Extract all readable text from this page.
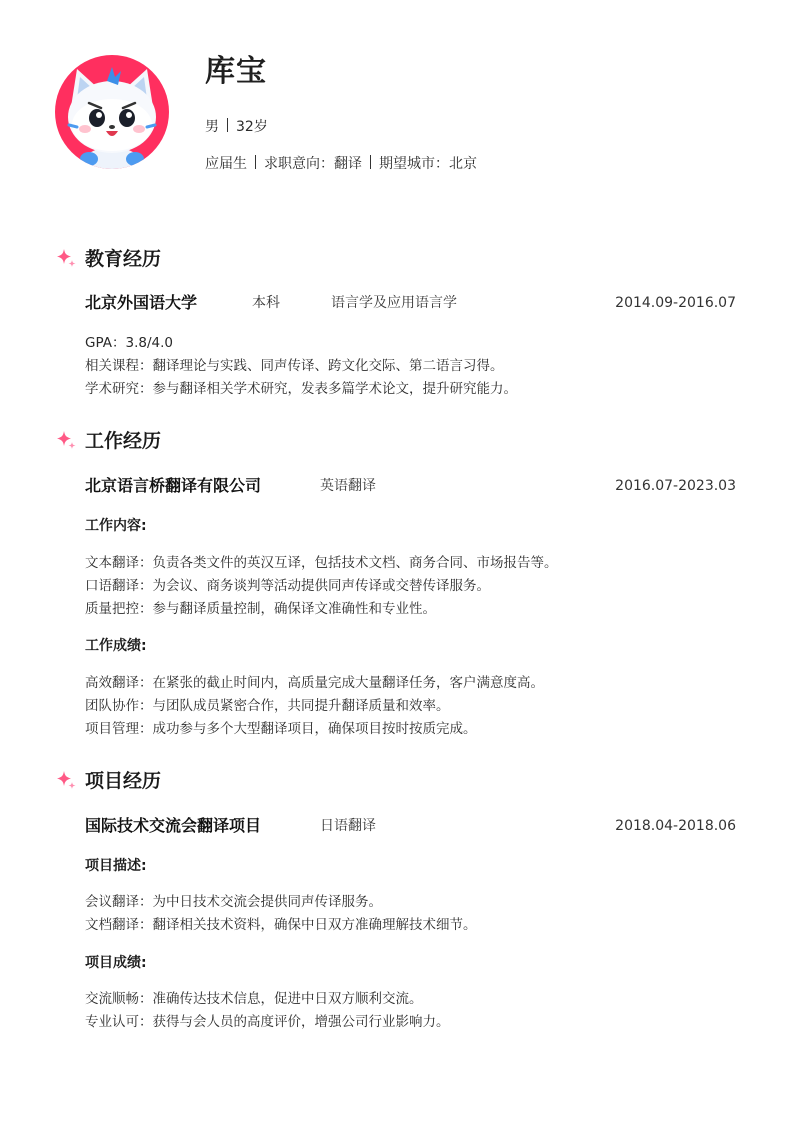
库宝
男 32岁
应届生 求职意向：翻译 期望城市：北京
教育经历
北京外国语大学	本科	语言学及应用语言学	2014.09-2016.07
GPA：3.8/4.0
相关课程：翻译理论与实践、同声传译、跨文化交际、第二语言习得。
学术研究：参与翻译相关学术研究，发表多篇学术论文，提升研究能力。
工作经历
北京语言桥翻译有限公司	英语翻译	2016.07-2023.03
工作内容:
文本翻译：负责各类文件的英汉互译，包括技术文档、商务合同、市场报告等。
口语翻译：为会议、商务谈判等活动提供同声传译或交替传译服务。
质量把控：参与翻译质量控制，确保译文准确性和专业性。
工作成绩:
高效翻译：在紧张的截止时间内，高质量完成大量翻译任务，客户满意度高。
团队协作：与团队成员紧密合作，共同提升翻译质量和效率。
项目管理：成功参与多个大型翻译项目，确保项目按时按质完成。
项目经历
国际技术交流会翻译项目	日语翻译	2018.04-2018.06
项目描述:
会议翻译：为中日技术交流会提供同声传译服务。
文档翻译：翻译相关技术资料，确保中日双方准确理解技术细节。
项目成绩:
交流顺畅：准确传达技术信息，促进中日双方顺利交流。
专业认可：获得与会人员的高度评价，增强公司行业影响力。
